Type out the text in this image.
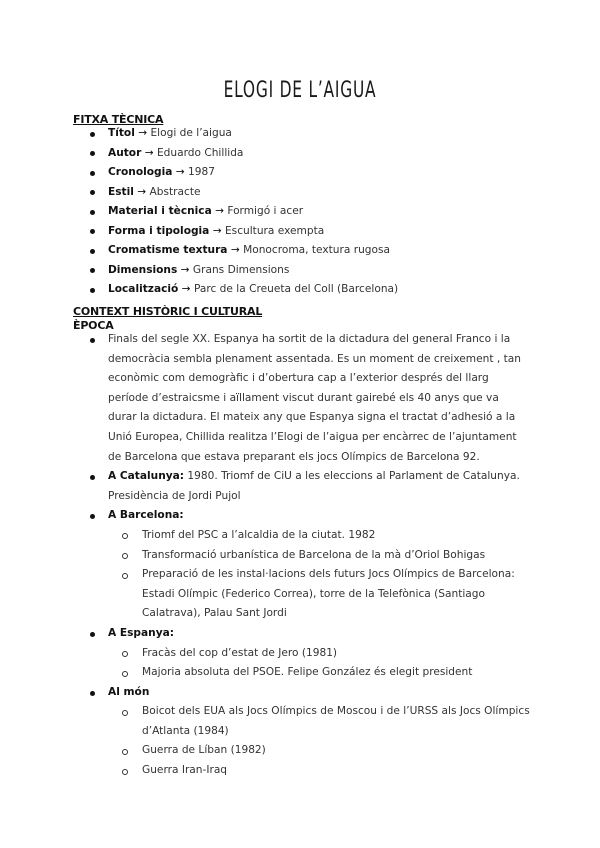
ELOGI DE L’AIGUA
FITXA TÈCNICA
Títol → Elogi de l’aigua
Autor → Eduardo Chillida
Cronologia → 1987
Estil → Abstracte
Material i tècnica → Formigó i acer
Forma i tipologia → Escultura exempta
Cromatisme textura → Monocroma, textura rugosa
Dimensions → Grans Dimensions
Localització → Parc de la Creueta del Coll (Barcelona)
CONTEXT HISTÒRIC I CULTURAL
ÈPOCA
Finals del segle XX. Espanya ha sortit de la dictadura del general Franco i la democràcia sembla plenament assentada. Es un moment de creixement , tan econòmic com demogràfic i d’obertura cap a l’exterior després del llarg període d’estraicsme i aïllament viscut durant gairebé els 40 anys que va durar la dictadura. El mateix any que Espanya signa el tractat d’adhesió a la Unió Europea, Chillida realitza l’Elogi de l’aigua per encàrrec de l’ajuntament de Barcelona que estava preparant els jocs Olímpics de Barcelona 92.
A Catalunya: 1980. Triomf de CiU a les eleccions al Parlament de Catalunya. Presidència de Jordi Pujol
A Barcelona:
Triomf del PSC a l’alcaldia de la ciutat. 1982
Transformació urbanística de Barcelona de la mà d’Oriol Bohigas
Preparació de les instal·lacions dels futurs Jocs Olímpics de Barcelona: Estadi Olímpic (Federico Correa), torre de la Telefònica (Santiago Calatrava), Palau Sant Jordi
A Espanya:
Fracàs del cop d’estat de Jero (1981)
Majoria absoluta del PSOE. Felipe González és elegit president
Al món
Boicot dels EUA als Jocs Olímpics de Moscou i de l’URSS als Jocs Olímpics d’Atlanta (1984)
Guerra de Líban (1982)
Guerra Iran-Iraq
